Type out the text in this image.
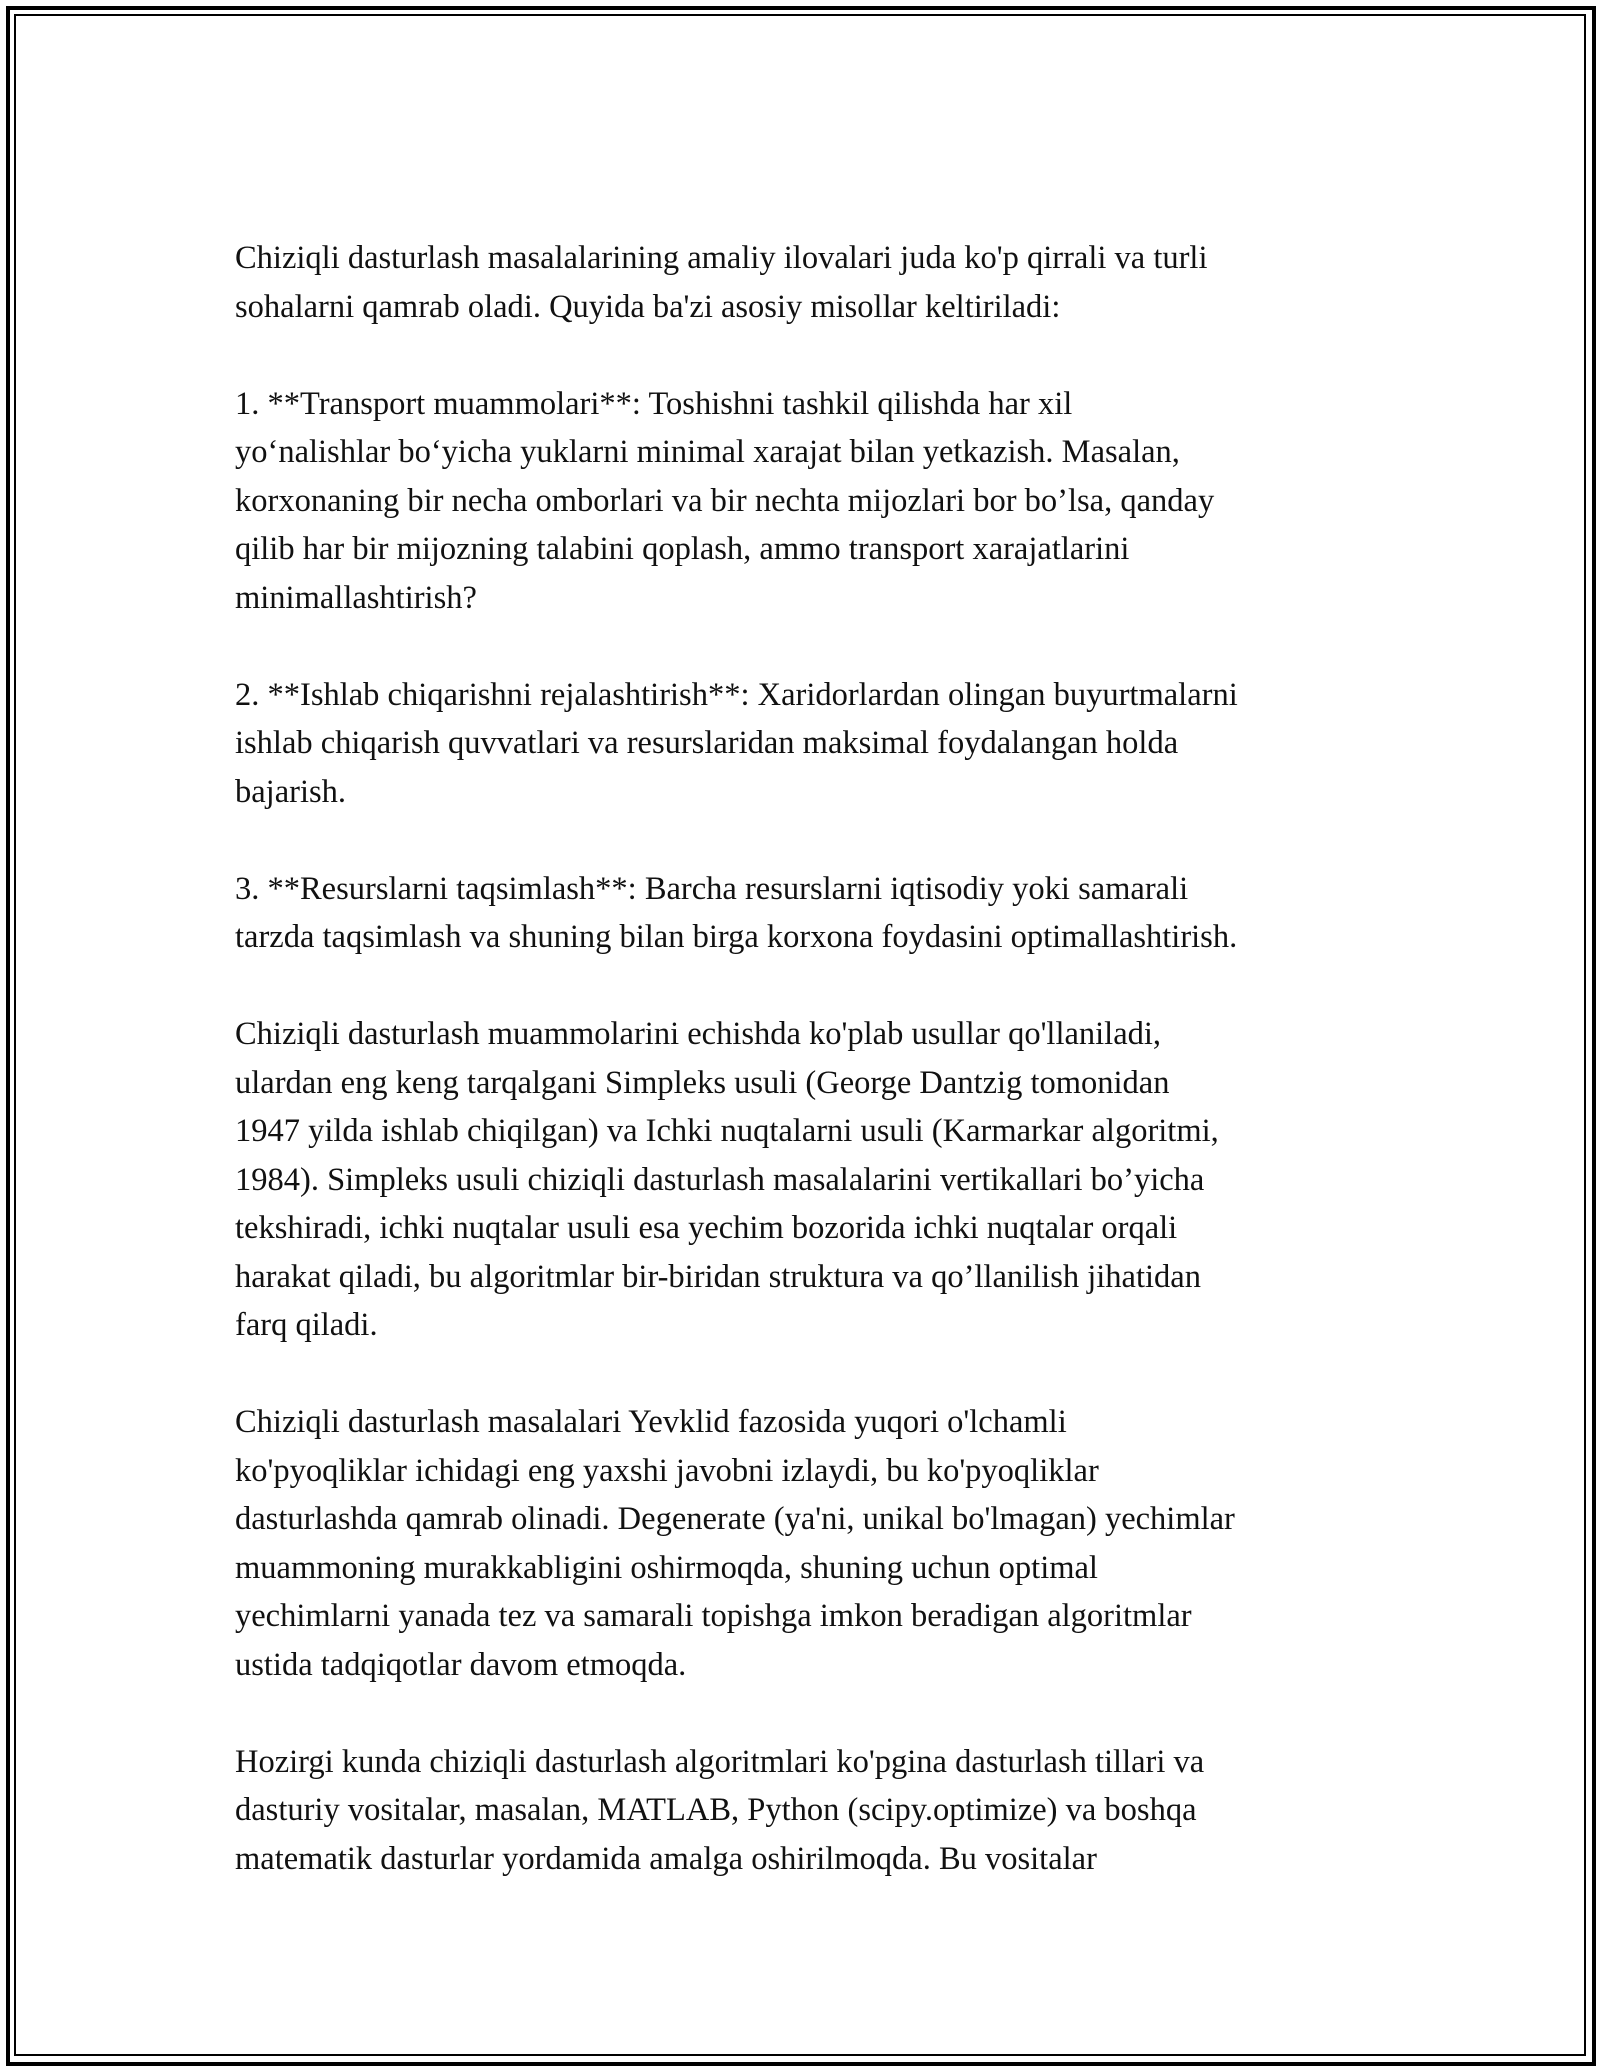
Chiziqli dasturlash masalalarining amaliy ilovalari juda ko'p qirrali va turli
sohalarni qamrab oladi. Quyida ba'zi asosiy misollar keltiriladi:

1. **Transport muammolari**: Toshishni tashkil qilishda har xil
yo‘nalishlar bo‘yicha yuklarni minimal xarajat bilan yetkazish. Masalan,
korxonaning bir necha omborlari va bir nechta mijozlari bor bo’lsa, qanday
qilib har bir mijozning talabini qoplash, ammo transport xarajatlarini
minimallashtirish?

2. **Ishlab chiqarishni rejalashtirish**: Xaridorlardan olingan buyurtmalarni
ishlab chiqarish quvvatlari va resurslaridan maksimal foydalangan holda
bajarish.

3. **Resurslarni taqsimlash**: Barcha resurslarni iqtisodiy yoki samarali
tarzda taqsimlash va shuning bilan birga korxona foydasini optimallashtirish.

Chiziqli dasturlash muammolarini echishda ko'plab usullar qo'llaniladi,
ulardan eng keng tarqalgani Simpleks usuli (George Dantzig tomonidan
1947 yilda ishlab chiqilgan) va Ichki nuqtalarni usuli (Karmarkar algoritmi,
1984). Simpleks usuli chiziqli dasturlash masalalarini vertikallari bo’yicha
tekshiradi, ichki nuqtalar usuli esa yechim bozorida ichki nuqtalar orqali
harakat qiladi, bu algoritmlar bir-biridan struktura va qo’llanilish jihatidan
farq qiladi.

Chiziqli dasturlash masalalari Yevklid fazosida yuqori o'lchamli
ko'pyoqliklar ichidagi eng yaxshi javobni izlaydi, bu ko'pyoqliklar
dasturlashda qamrab olinadi. Degenerate (ya'ni, unikal bo'lmagan) yechimlar
muammoning murakkabligini oshirmoqda, shuning uchun optimal
yechimlarni yanada tez va samarali topishga imkon beradigan algoritmlar
ustida tadqiqotlar davom etmoqda.

Hozirgi kunda chiziqli dasturlash algoritmlari ko'pgina dasturlash tillari va
dasturiy vositalar, masalan, MATLAB, Python (scipy.optimize) va boshqa
matematik dasturlar yordamida amalga oshirilmoqda. Bu vositalar
